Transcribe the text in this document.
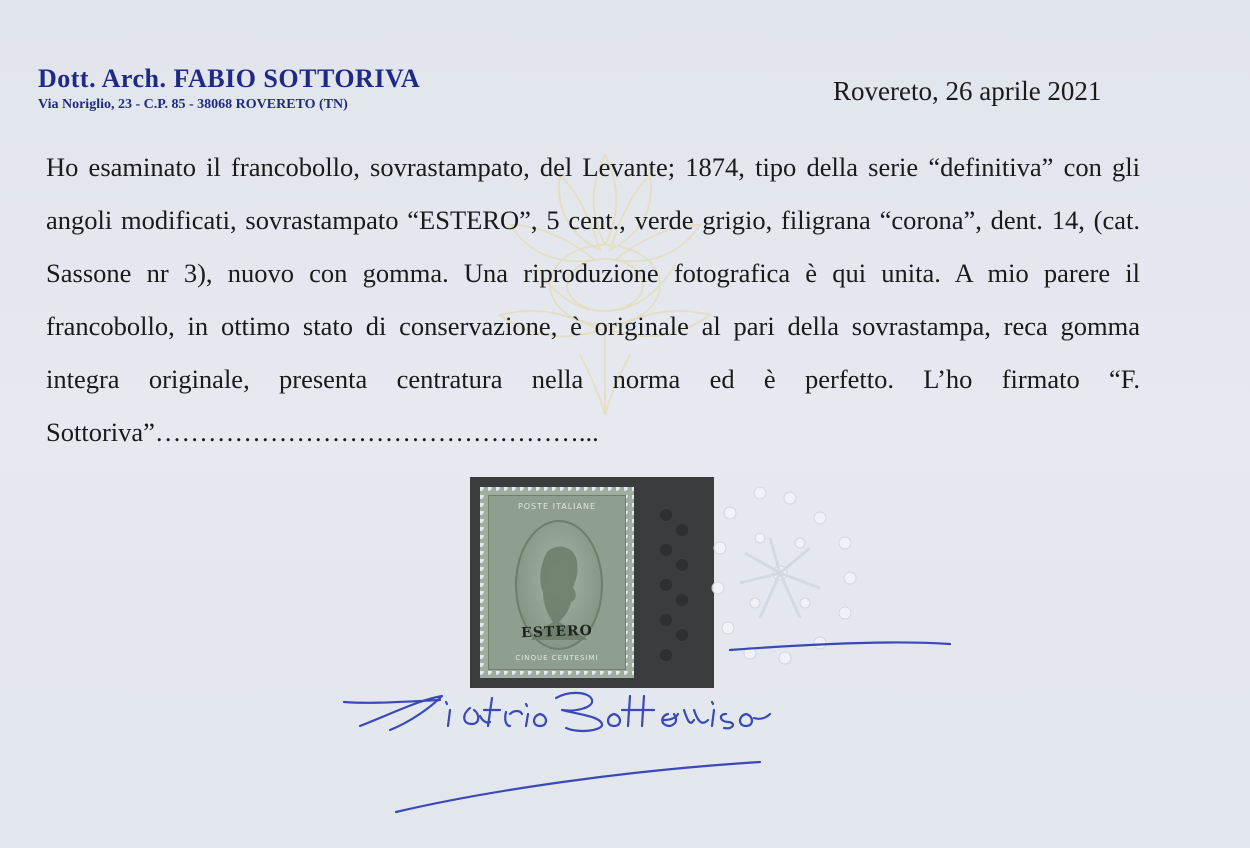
Dott. Arch. FABIO SOTTORIVA
Via Noriglio, 23 - C.P. 85 - 38068 ROVERETO (TN)	Rovereto, 26 aprile 2021

Ho esaminato il francobollo, sovrastampato, del Levante; 1874, tipo della serie “definitiva” con gli angoli modificati, sovrastampato “ESTERO”, 5 cent., verde grigio, filigrana “corona”, dent. 14, (cat. Sassone nr 3), nuovo con gomma. Una riproduzione fotografica è qui unita. A mio parere il francobollo, in ottimo stato di conservazione, è originale al pari della sovrastampa, reca gomma integra originale, presenta centratura nella norma ed è perfetto. L’ho firmato “F. Sottoriva”…………………………………………...

POSTE ITALIANE
ESTERO
CINQUE CENTESIMI
